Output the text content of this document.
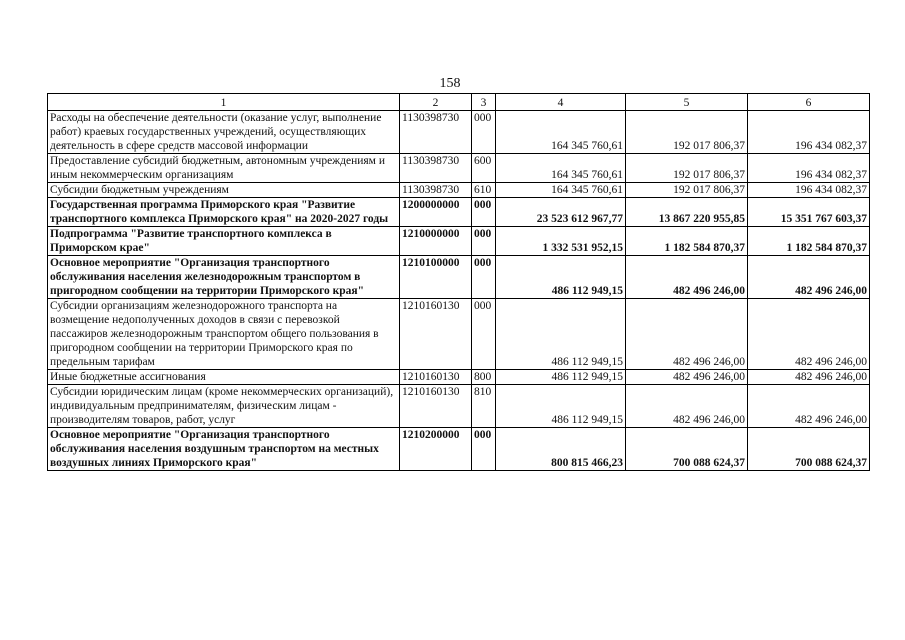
158
1	2	3	4	5	6
Расходы на обеспечение деятельности (оказание услуг, выполнение работ) краевых государственных учреждений, осуществляющих деятельность в сфере средств массовой информации	1130398730	000	164 345 760,61	192 017 806,37	196 434 082,37
Предоставление субсидий бюджетным, автономным учреждениям и иным некоммерческим организациям	1130398730	600	164 345 760,61	192 017 806,37	196 434 082,37
Субсидии бюджетным учреждениям	1130398730	610	164 345 760,61	192 017 806,37	196 434 082,37
Государственная программа Приморского края "Развитие транспортного комплекса Приморского края" на 2020-2027 годы	1200000000	000	23 523 612 967,77	13 867 220 955,85	15 351 767 603,37
Подпрограмма "Развитие транспортного комплекса в Приморском крае"	1210000000	000	1 332 531 952,15	1 182 584 870,37	1 182 584 870,37
Основное мероприятие "Организация транспортного обслуживания населения железнодорожным транспортом в пригородном сообщении на территории Приморского края"	1210100000	000	486 112 949,15	482 496 246,00	482 496 246,00
Субсидии организациям железнодорожного транспорта на возмещение недополученных доходов в связи с перевозкой пассажиров железнодорожным транспортом общего пользования в пригородном сообщении на территории Приморского края по предельным тарифам	1210160130	000	486 112 949,15	482 496 246,00	482 496 246,00
Иные бюджетные ассигнования	1210160130	800	486 112 949,15	482 496 246,00	482 496 246,00
Субсидии юридическим лицам (кроме некоммерческих организаций), индивидуальным предпринимателям, физическим лицам - производителям товаров, работ, услуг	1210160130	810	486 112 949,15	482 496 246,00	482 496 246,00
Основное мероприятие "Организация транспортного обслуживания населения воздушным транспортом на местных воздушных линиях Приморского края"	1210200000	000	800 815 466,23	700 088 624,37	700 088 624,37
